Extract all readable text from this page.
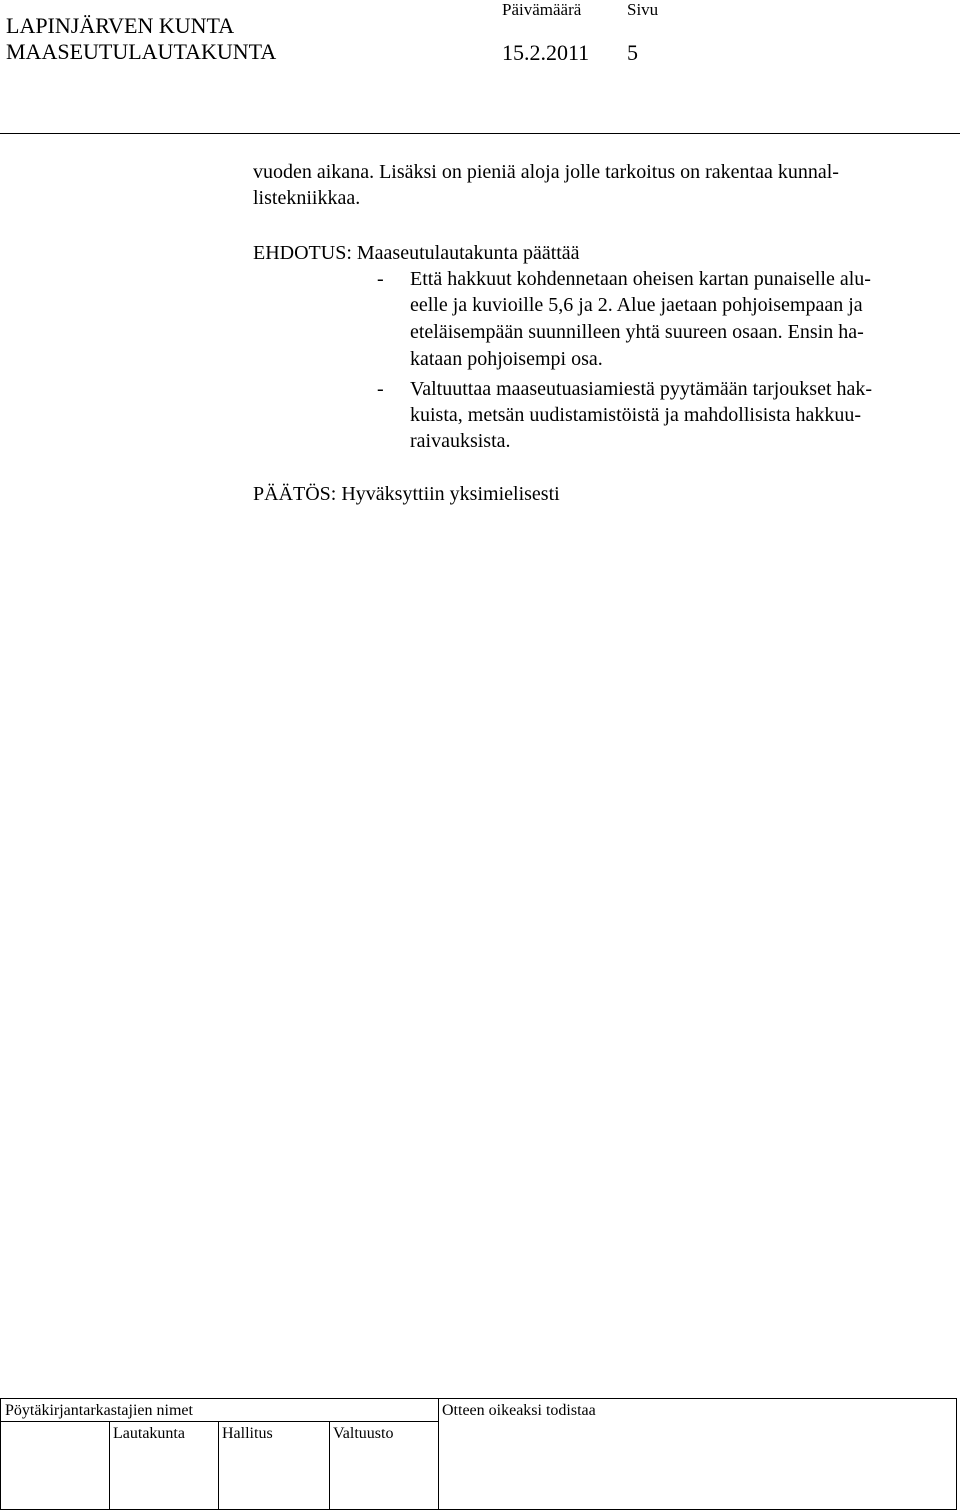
LAPINJÄRVEN KUNTA
MAASEUTULAUTAKUNTA
Päivämäärä	Sivu
15.2.2011 5
vuoden aikana. Lisäksi on pieniä aloja jolle tarkoitus on rakentaa kunnal-
listekniikkaa.
EHDOTUS: Maaseutulautakunta päättää
- Että hakkuut kohdennetaan oheisen kartan punaiselle alu-
eelle ja kuvioille 5,6 ja 2. Alue jaetaan pohjoisempaan ja
eteläisempään suunnilleen yhtä suureen osaan. Ensin ha-
kataan pohjoisempi osa.
- Valtuuttaa maaseutuasiamiestä pyytämään tarjoukset hak-
kuista, metsän uudistamistöistä ja mahdollisista hakkuu-
raivauksista.
PÄÄTÖS: Hyväksyttiin yksimielisesti
Pöytäkirjantarkastajien nimet
Lautakunta Hallitus	Valtuusto
Otteen oikeaksi todistaa
